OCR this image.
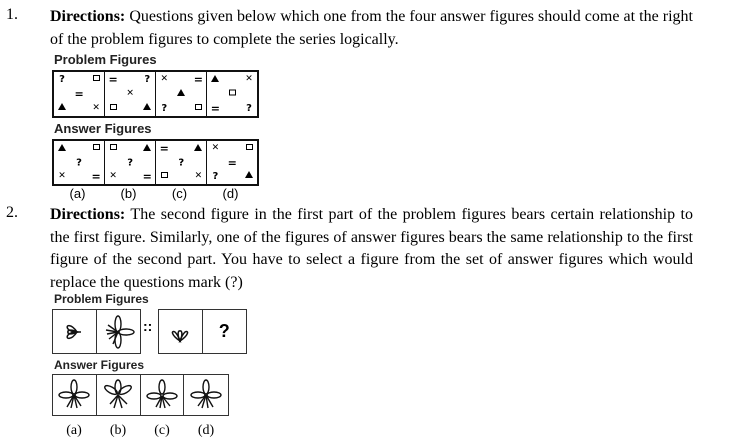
1. Directions: Questions given below which one from the four answer figures should come at the right of the problem figures to complete the series logically.
Problem Figures
?
=
✕
=	?
✕
✕ =
?
✕
=	?
Answer Figures
?
✕ =
?
✕ =
=
?
✕
✕
=
?
(a)	(b)	(c)	(d)
2. Directions: The second figure in the first part of the problem figures bears certain relationship to the first figure. Similarly, one of the figures of answer figures bears the same relationship to the first figure of the second part. You have to select a figure from the set of answer figures which would replace the questions mark (?)
Problem Figures
::	?
Answer Figures
(a)	(b)	(c)	(d)
